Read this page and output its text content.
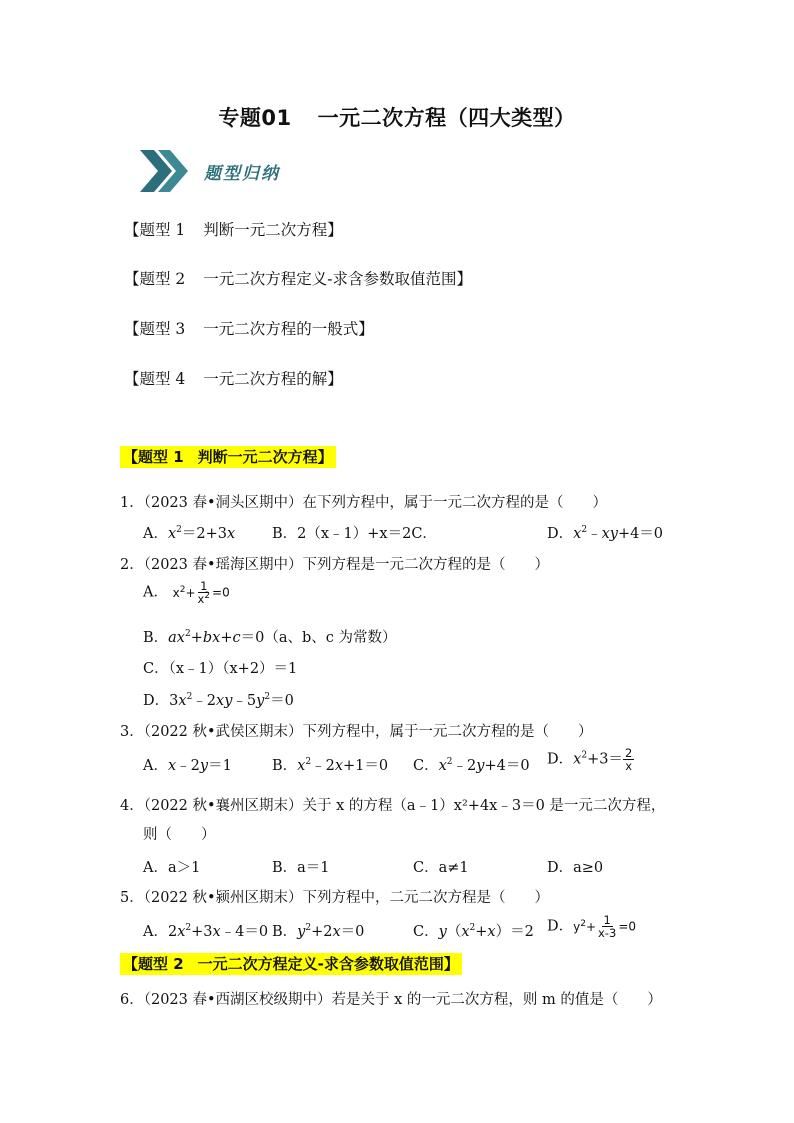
专题01 一元二次方程（四大类型）
题型归纳
【题型 1 判断一元二次方程】
【题型 2 一元二次方程定义-求含参数取值范围】
【题型 3 一元二次方程的一般式】
【题型 4 一元二次方程的解】
【题型 1 判断一元二次方程】
1．（2023 春•洞头区期中）在下列方程中，属于一元二次方程的是（　　）
A．$x^2=2+3x$	B．2（x﹣1）+x＝2C．	D．$x^2﹣xy+4=0$
2．（2023 春•瑶海区期中）下列方程是一元二次方程的是（　　）
A． $x^2+ \frac{1}{x^2} =0$
B．$ax^2+bx+c=0(a$、b、c 为常数）
C．（x﹣1）（x+2）＝1
D．$3x^2﹣2xy﹣5y^2=0$
3．（2022 秋•武侯区期末）下列方程中，属于一元二次方程的是（　　）
A．x﹣2y＝1	B．$x^2﹣2x+1=0$ C．$x^2﹣2y+4=0$ D．$x^2+3= \frac{2}{x}$
4．（2022 秋•襄州区期末）关于 x 的方程（a﹣1）x²+4x﹣3＝0 是一元二次方程，
则（　　）
A．a＞1	B．a＝1	C．a≠1	D．a≥0
5．（2022 秋•颍州区期末）下列方程中，二元二次方程是（　　）
A．$2x^2+3x﹣4=0$ B．$y^2+2x=0$	C．$y(x^2+x)=2$ D．$y^2+ \frac{1}{x-3} =0$
【题型 2 一元二次方程定义-求含参数取值范围】
6．（2023 春•西湖区校级期中）若是关于 x 的一元二次方程，则 m 的值是（　　）
